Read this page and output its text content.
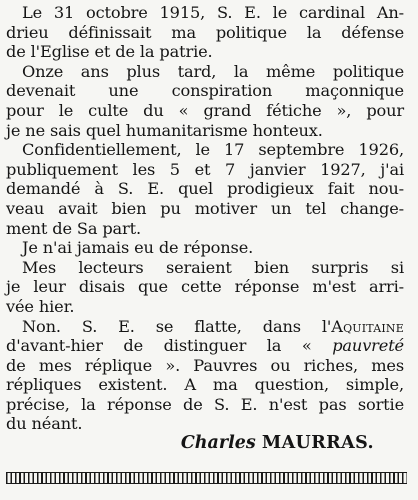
Le 31 octobre 1915, S. E. le cardinal An-
drieu définissait ma politique la défense
de l'Eglise et de la patrie.

Onze ans plus tard, la même politique
devenait une conspiration maçonnique
pour le culte du « grand fétiche », pour
je ne sais quel humanitarisme honteux.

Confidentiellement, le 17 septembre 1926,
publiquement les 5 et 7 janvier 1927, j'ai
demandé à S. E. quel prodigieux fait nou-
veau avait bien pu motiver un tel change-
ment de Sa part.

Je n'ai jamais eu de réponse.

Mes lecteurs seraient bien surpris si
je leur disais que cette réponse m'est arri-
vée hier.

Non. S. E. se flatte, dans l'Aquitaine
d'avant-hier de distinguer la « pauvreté
de mes réplique ». Pauvres ou riches, mes
répliques existent. A ma question, simple,
précise, la réponse de S. E. n'est pas sortie
du néant.

Charles MAURRAS.
